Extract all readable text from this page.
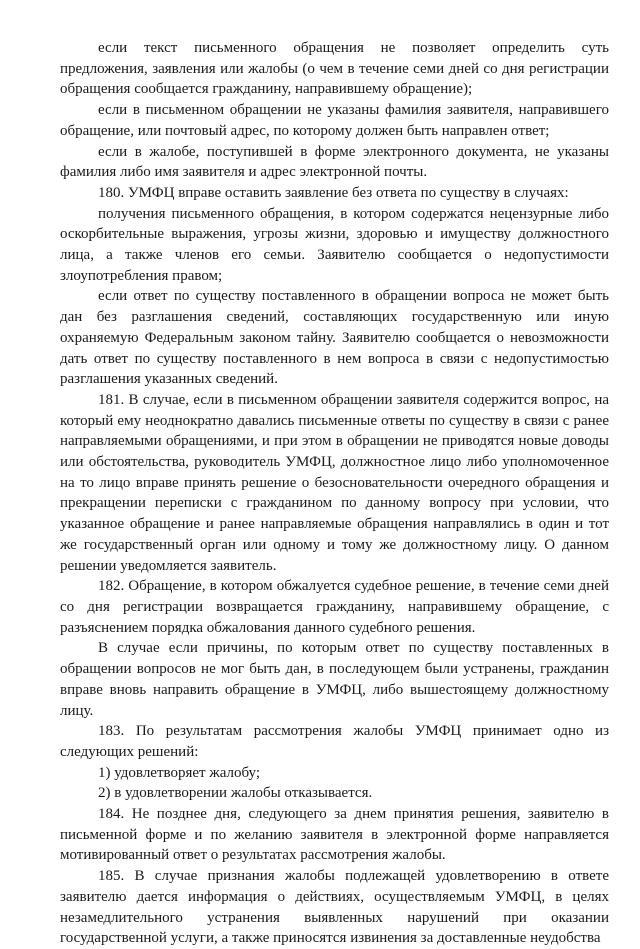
если текст письменного обращения не позволяет определить суть предложения, заявления или жалобы (о чем в течение семи дней со дня регистрации обращения сообщается гражданину, направившему обращение);

если в письменном обращении не указаны фамилия заявителя, направившего обращение, или почтовый адрес, по которому должен быть направлен ответ;

если в жалобе, поступившей в форме электронного документа, не указаны фамилия либо имя заявителя и адрес электронной почты.

180. УМФЦ вправе оставить заявление без ответа по существу в случаях:

получения письменного обращения, в котором содержатся нецензурные либо оскорбительные выражения, угрозы жизни, здоровью и имуществу должностного лица, а также членов его семьи. Заявителю сообщается о недопустимости злоупотребления правом;

если ответ по существу поставленного в обращении вопроса не может быть дан без разглашения сведений, составляющих государственную или иную охраняемую Федеральным законом тайну. Заявителю сообщается о невозможности дать ответ по существу поставленного в нем вопроса в связи с недопустимостью разглашения указанных сведений.

181. В случае, если в письменном обращении заявителя содержится вопрос, на который ему неоднократно давались письменные ответы по существу в связи с ранее направляемыми обращениями, и при этом в обращении не приводятся новые доводы или обстоятельства, руководитель УМФЦ, должностное лицо либо уполномоченное на то лицо вправе принять решение о безосновательности очередного обращения и прекращении переписки с гражданином по данному вопросу при условии, что указанное обращение и ранее направляемые обращения направлялись в один и тот же государственный орган или одному и тому же должностному лицу. О данном решении уведомляется заявитель.

182. Обращение, в котором обжалуется судебное решение, в течение семи дней со дня регистрации возвращается гражданину, направившему обращение, с разъяснением порядка обжалования данного судебного решения.

В случае если причины, по которым ответ по существу поставленных в обращении вопросов не мог быть дан, в последующем были устранены, гражданин вправе вновь направить обращение в УМФЦ, либо вышестоящему должностному лицу.

183. По результатам рассмотрения жалобы УМФЦ принимает одно из следующих решений:

1) удовлетворяет жалобу;

2) в удовлетворении жалобы отказывается.

184. Не позднее дня, следующего за днем принятия решения, заявителю в письменной форме и по желанию заявителя в электронной форме направляется мотивированный ответ о результатах рассмотрения жалобы.

185. В случае признания жалобы подлежащей удовлетворению в ответе заявителю дается информация о действиях, осуществляемым УМФЦ, в целях незамедлительного устранения выявленных нарушений при оказании государственной услуги, а также приносятся извинения за доставленные неудобства
